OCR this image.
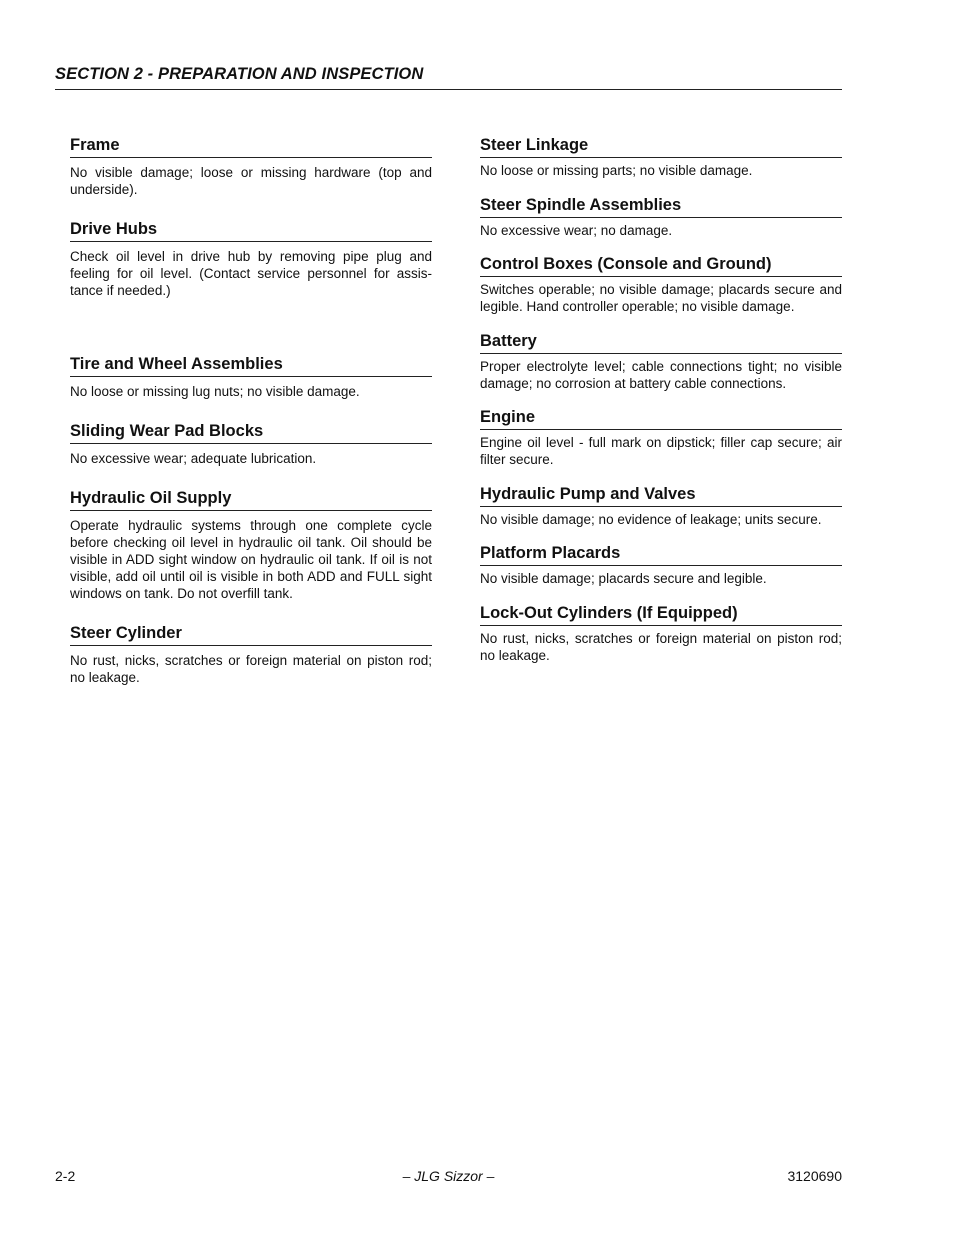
SECTION 2 - PREPARATION AND INSPECTION
Frame

No visible damage; loose or missing hardware (top and underside).

Drive Hubs

Check oil level in drive hub by removing pipe plug and feeling for oil level. (Contact service personnel for assis-tance if needed.)

Tire and Wheel Assemblies

No loose or missing lug nuts; no visible damage.

Sliding Wear Pad Blocks

No excessive wear; adequate lubrication.

Hydraulic Oil Supply

Operate hydraulic systems through one complete cycle before checking oil level in hydraulic oil tank. Oil should be visible in ADD sight window on hydraulic oil tank. If oil is not visible, add oil until oil is visible in both ADD and FULL sight windows on tank. Do not overfill tank.

Steer Cylinder

No rust, nicks, scratches or foreign material on piston rod; no leakage.

Steer Linkage

No loose or missing parts; no visible damage.

Steer Spindle Assemblies

No excessive wear; no damage.

Control Boxes (Console and Ground)

Switches operable; no visible damage; placards secure and legible. Hand controller operable; no visible damage.

Battery

Proper electrolyte level; cable connections tight; no visible damage; no corrosion at battery cable connections.

Engine

Engine oil level - full mark on dipstick; filler cap secure; air filter secure.

Hydraulic Pump and Valves

No visible damage; no evidence of leakage; units secure.

Platform Placards

No visible damage; placards secure and legible.

Lock-Out Cylinders (If Equipped)

No rust, nicks, scratches or foreign material on piston rod; no leakage.

2-2	– JLG Sizzor –	3120690
